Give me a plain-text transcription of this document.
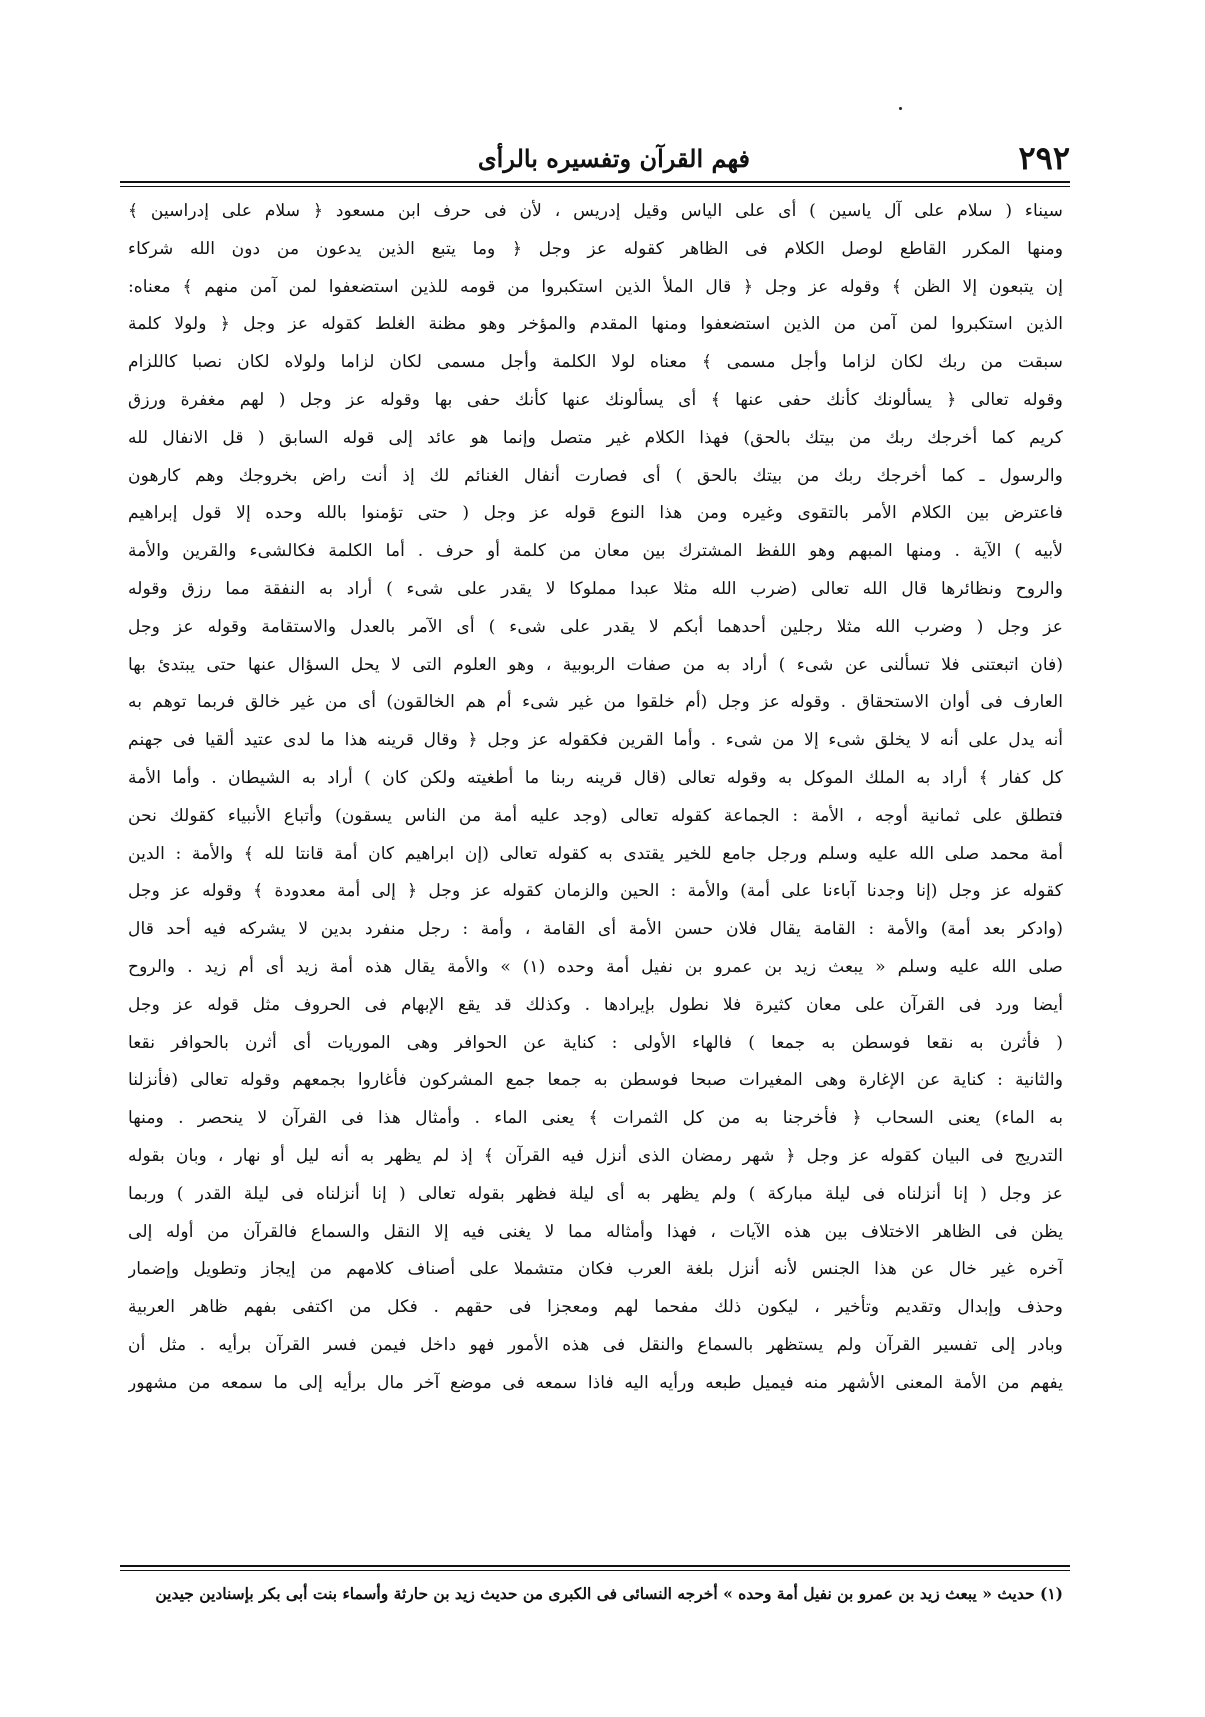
٢٩٢
فهم القرآن وتفسيره بالرأى
سيناء ( سلام على آل ياسين ) أى على الياس وقيل إدريس ، لأن فى حرف ابن مسعود ﴿ سلام على إدراسين ﴾
ومنها المكرر القاطع لوصل الكلام فى الظاهر كقوله عز وجل ﴿ وما يتبع الذين يدعون من دون الله شركاء
إن يتبعون إلا الظن ﴾ وقوله عز وجل ﴿ قال الملأ الذين استكبروا من قومه للذين استضعفوا لمن آمن منهم ﴾ معناه:
الذين استكبروا لمن آمن من الذين استضعفوا ومنها المقدم والمؤخر وهو مظنة الغلط كقوله عز وجل ﴿ ولولا كلمة
سبقت من ربك لكان لزاما وأجل مسمى ﴾ معناه لولا الكلمة وأجل مسمى لكان لزاما ولولاه لكان نصبا كاللزام
وقوله تعالى ﴿ يسألونك كأنك حفى عنها ﴾ أى يسألونك عنها كأنك حفى بها وقوله عز وجل ( لهم مغفرة ورزق
كريم كما أخرجك ربك من بيتك بالحق) فهذا الكلام غير متصل وإنما هو عائد إلى قوله السابق ( قل الانفال لله
والرسول ـ كما أخرجك ربك من بيتك بالحق ) أى فصارت أنفال الغنائم لك إذ أنت راض بخروجك وهم كارهون
فاعترض بين الكلام الأمر بالتقوى وغيره ومن هذا النوع قوله عز وجل ( حتى تؤمنوا بالله وحده إلا قول إبراهيم
لأبيه ) الآية . ومنها المبهم وهو اللفظ المشترك بين معان من كلمة أو حرف . أما الكلمة فكالشىء والقرين والأمة
والروح ونظائرها قال الله تعالى (ضرب الله مثلا عبدا مملوكا لا يقدر على شىء ) أراد به النفقة مما رزق وقوله
عز وجل ( وضرب الله مثلا رجلين أحدهما أبكم لا يقدر على شىء ) أى الآمر بالعدل والاستقامة وقوله عز وجل
(فان اتبعتنى فلا تسألنى عن شىء ) أراد به من صفات الربوبية ، وهو العلوم التى لا يحل السؤال عنها حتى يبتدئ بها
العارف فى أوان الاستحقاق . وقوله عز وجل (أم خلقوا من غير شىء أم هم الخالقون) أى من غير خالق فربما توهم به
أنه يدل على أنه لا يخلق شىء إلا من شىء . وأما القرين فكقوله عز وجل ﴿ وقال قرينه هذا ما لدى عتيد ألقيا فى جهنم
كل كفار ﴾ أراد به الملك الموكل به وقوله تعالى (قال قرينه ربنا ما أطغيته ولكن كان ) أراد به الشيطان . وأما الأمة
فتطلق على ثمانية أوجه ، الأمة : الجماعة كقوله تعالى (وجد عليه أمة من الناس يسقون) وأتباع الأنبياء كقولك نحن
أمة محمد صلى الله عليه وسلم ورجل جامع للخير يقتدى به كقوله تعالى (إن ابراهيم كان أمة قانتا لله ﴾ والأمة : الدين
كقوله عز وجل (إنا وجدنا آباءنا على أمة) والأمة : الحين والزمان كقوله عز وجل ﴿ إلى أمة معدودة ﴾ وقوله عز وجل
(وادكر بعد أمة) والأمة : القامة يقال فلان حسن الأمة أى القامة ، وأمة : رجل منفرد بدين لا يشركه فيه أحد قال
صلى الله عليه وسلم « يبعث زيد بن عمرو بن نفيل أمة وحده (١) » والأمة يقال هذه أمة زيد أى أم زيد . والروح
أيضا ورد فى القرآن على معان كثيرة فلا نطول بإيرادها . وكذلك قد يقع الإبهام فى الحروف مثل قوله عز وجل
( فأثرن به نقعا فوسطن به جمعا ) فالهاء الأولى : كناية عن الحوافر وهى الموريات أى أثرن بالحوافر نقعا
والثانية : كناية عن الإغارة وهى المغيرات صبحا فوسطن به جمعا جمع المشركون فأغاروا بجمعهم وقوله تعالى (فأنزلنا
به الماء) يعنى السحاب ﴿ فأخرجنا به من كل الثمرات ﴾ يعنى الماء . وأمثال هذا فى القرآن لا ينحصر . ومنها
التدريج فى البيان كقوله عز وجل ﴿ شهر رمضان الذى أنزل فيه القرآن ﴾ إذ لم يظهر به أنه ليل أو نهار ، وبان بقوله
عز وجل ( إنا أنزلناه فى ليلة مباركة ) ولم يظهر به أى ليلة فظهر بقوله تعالى ( إنا أنزلناه فى ليلة القدر ) وربما
يظن فى الظاهر الاختلاف بين هذه الآيات ، فهذا وأمثاله مما لا يغنى فيه إلا النقل والسماع فالقرآن من أوله إلى
آخره غير خال عن هذا الجنس لأنه أنزل بلغة العرب فكان متشملا على أصناف كلامهم من إيجاز وتطويل وإضمار
وحذف وإبدال وتقديم وتأخير ، ليكون ذلك مفحما لهم ومعجزا فى حقهم . فكل من اكتفى بفهم ظاهر العربية
وبادر إلى تفسير القرآن ولم يستظهر بالسماع والنقل فى هذه الأمور فهو داخل فيمن فسر القرآن برأيه . مثل أن
يفهم من الأمة المعنى الأشهر منه فيميل طبعه ورأيه اليه فاذا سمعه فى موضع آخر مال برأيه إلى ما سمعه من مشهور
(١) حديث « يبعث زيد بن عمرو بن نفيل أمة وحده » أخرجه النسائى فى الكبرى من حديث زيد بن حارثة وأسماء بنت أبى بكر بإسنادين جيدين
